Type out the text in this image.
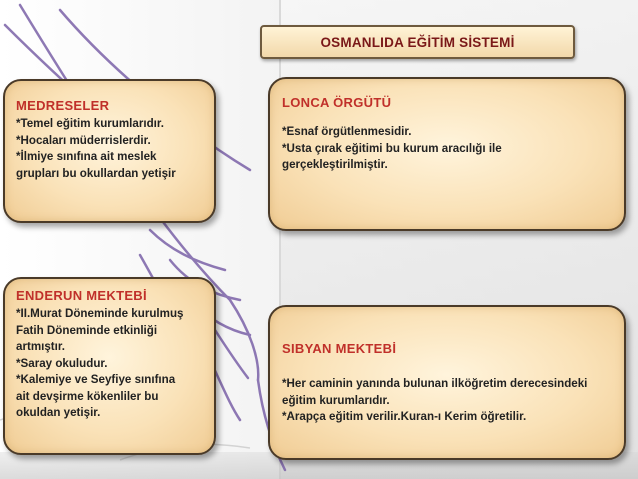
OSMANLIDA EĞİTİM SİSTEMİ
MEDRESELER

*Temel eğitim kurumlarıdır.

*Hocaları müderrislerdir.

*İlmiye sınıfına ait meslek

grupları bu okullardan yetişir

LONCA ÖRGÜTÜ

*Esnaf örgütlenmesidir.

*Usta çırak eğitimi bu kurum aracılığı ile

gerçekleştirilmiştir.

ENDERUN MEKTEBİ

*II.Murat Döneminde kurulmuş

Fatih Döneminde etkinliği

artmıştır.

*Saray okuludur.

*Kalemiye ve Seyfiye sınıfına

ait devşirme kökenliler bu

okuldan yetişir.

SIBYAN MEKTEBİ

*Her caminin yanında bulunan ilköğretim derecesindeki

eğitim kurumlarıdır.

*Arapça eğitim verilir.Kuran-ı Kerim öğretilir.
